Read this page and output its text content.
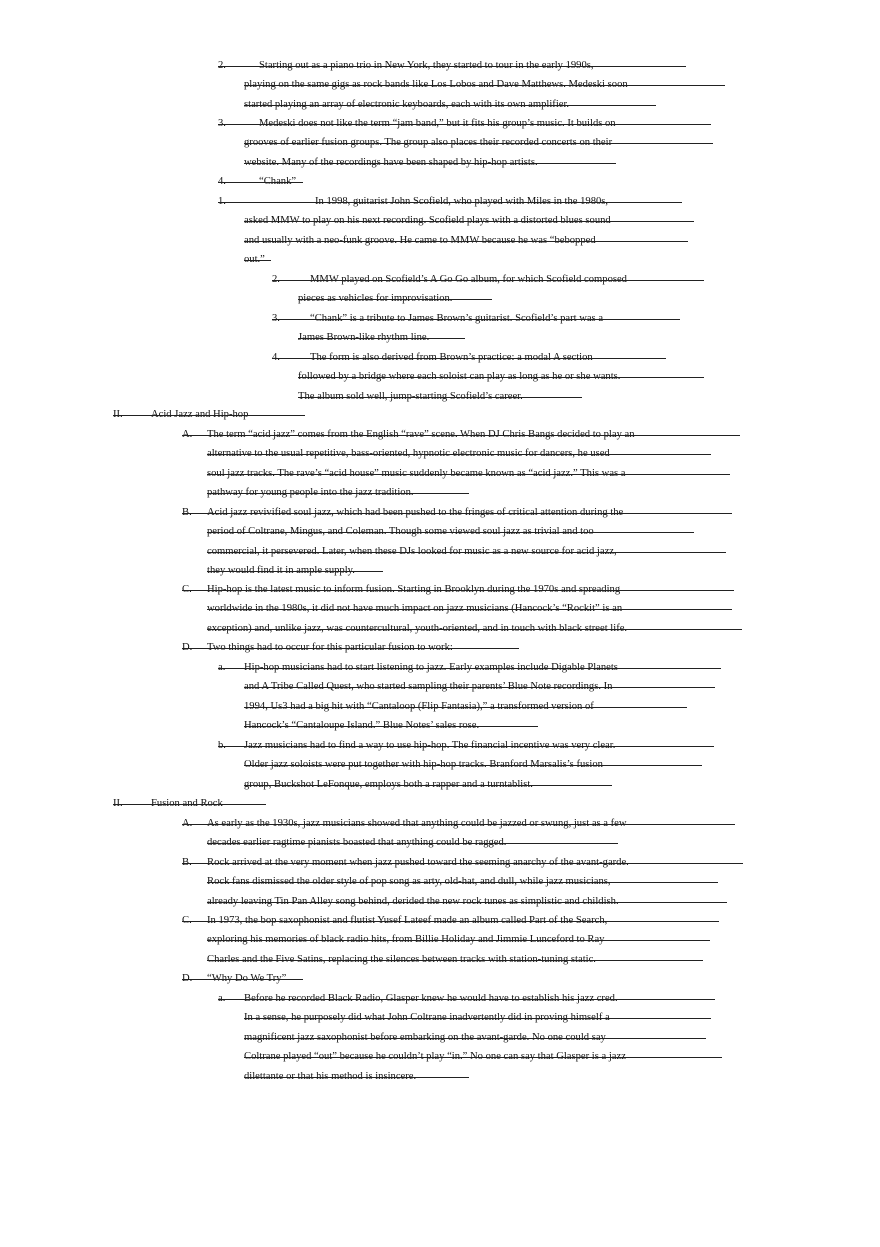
2.	Starting out as a piano trio in New York, they started to tour in the early 1990s,
playing on the same gigs as rock bands like Los Lobos and Dave Matthews. Medeski soon
started playing an array of electronic keyboards, each with its own amplifier.
3.	Medeski does not like the term “jam band,” but it fits his group’s music. It builds on
grooves of earlier fusion groups. The group also places their recorded concerts on their
website. Many of the recordings have been shaped by hip-hop artists.
4.	“Chank”
1.	In 1998, guitarist John Scofield, who played with Miles in the 1980s,
asked MMW to play on his next recording. Scofield plays with a distorted blues sound
and usually with a neo-funk groove. He came to MMW because he was “bebopped
out.”
2.	MMW played on Scofield’s A Go Go album, for which Scofield composed
pieces as vehicles for improvisation.
3.	“Chank” is a tribute to James Brown’s guitarist. Scofield’s part was a
James Brown-like rhythm line.
4.	The form is also derived from Brown’s practice: a modal A section
followed by a bridge where each soloist can play as long as he or she wants.
The album sold well, jump-starting Scofield’s career.
II.	Acid Jazz and Hip-hop
A. The term “acid jazz” comes from the English “rave” scene. When DJ Chris Bangs decided to play an
alternative to the usual repetitive, bass-oriented, hypnotic electronic music for dancers, he used
soul jazz tracks. The rave’s “acid house” music suddenly became known as “acid jazz.” This was a
pathway for young people into the jazz tradition.
B. Acid jazz revivified soul jazz, which had been pushed to the fringes of critical attention during the
period of Coltrane, Mingus, and Coleman. Though some viewed soul jazz as trivial and too
commercial, it persevered. Later, when these DJs looked for music as a new source for acid jazz,
they would find it in ample supply.
C. Hip-hop is the latest music to inform fusion. Starting in Brooklyn during the 1970s and spreading
worldwide in the 1980s, it did not have much impact on jazz musicians (Hancock’s “Rockit” is an
exception) and, unlike jazz, was countercultural, youth-oriented, and in touch with black street life.
D. Two things had to occur for this particular fusion to work:
a. Hip-hop musicians had to start listening to jazz. Early examples include Digable Planets
and A Tribe Called Quest, who started sampling their parents’ Blue Note recordings. In
1994, Us3 had a big hit with “Cantaloop (Flip Fantasia),” a transformed version of
Hancock’s “Cantaloupe Island.” Blue Notes’ sales rose.
b. Jazz musicians had to find a way to use hip-hop. The financial incentive was very clear.
Older jazz soloists were put together with hip-hop tracks. Branford Marsalis’s fusion
group, Buckshot LeFonque, employs both a rapper and a turntablist.
II.	Fusion and Rock
A. As early as the 1930s, jazz musicians showed that anything could be jazzed or swung, just as a few
decades earlier ragtime pianists boasted that anything could be ragged.
B. Rock arrived at the very moment when jazz pushed toward the seeming anarchy of the avant-garde.
Rock fans dismissed the older style of pop song as arty, old-hat, and dull, while jazz musicians,
already leaving Tin Pan Alley song behind, derided the new rock tunes as simplistic and childish.
C. In 1973, the bop saxophonist and flutist Yusef Lateef made an album called Part of the Search,
exploring his memories of black radio hits, from Billie Holiday and Jimmie Lunceford to Ray
Charles and the Five Satins, replacing the silences between tracks with station-tuning static.
D. “Why Do We Try”
a. Before he recorded Black Radio, Glasper knew he would have to establish his jazz cred.
In a sense, he purposely did what John Coltrane inadvertently did in proving himself a
magnificent jazz saxophonist before embarking on the avant-garde. No one could say
Coltrane played “out” because he couldn’t play “in.” No one can say that Glasper is a jazz
dilettante or that his method is insincere.
